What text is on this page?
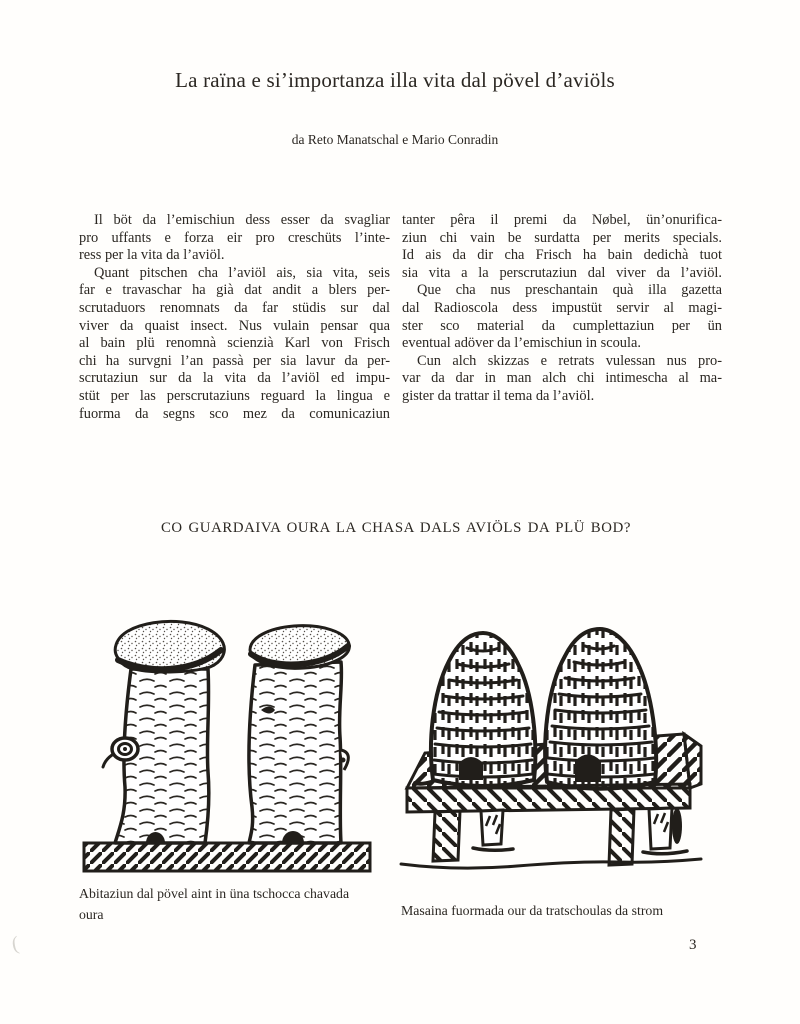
La raïna e si’importanza illa vita dal pövel d’aviöls
da Reto Manatschal e Mario Conradin
Il böt da l’emischiun dess esser da svagliar
pro uffants e forza eir pro creschüts l’inte-
ress per la vita da l’aviöl.
Quant pitschen cha l’aviöl ais, sia vita, seis
far e travaschar ha già dat andit a blers per-
scrutaduors renomnats da far stüdis sur dal
viver da quaist insect. Nus vulain pensar qua
al bain plü renomnà scienzià Karl von Frisch
chi ha survgni l’an passà per sia lavur da per-
scrutaziun sur da la vita da l’aviöl ed impu-
stüt per las perscrutaziuns reguard la lingua e
fuorma da segns sco mez da comunicaziun
tanter pêra il premi da Nøbel, ün’onurifica-
ziun chi vain be surdatta per merits specials.
Id ais da dir cha Frisch ha bain dedichà tuot
sia vita a la perscrutaziun dal viver da l’aviöl.
Que cha nus preschantain quà illa gazetta
dal Radioscola dess impustüt servir al magi-
ster sco material da cumplettaziun per ün
eventual adöver da l’emischiun in scoula.
Cun alch skizzas e retrats vulessan nus pro-
var da dar in man alch chi intimescha al ma-
gister da trattar il tema da l’aviöl.
CO GUARDAIVA OURA LA CHASA DALS AVIÖLS DA PLÜ BOD?
Abitaziun dal pövel aint in üna tschocca chavada
oura	Masaina fuormada our da tratschoulas da strom
3
(
